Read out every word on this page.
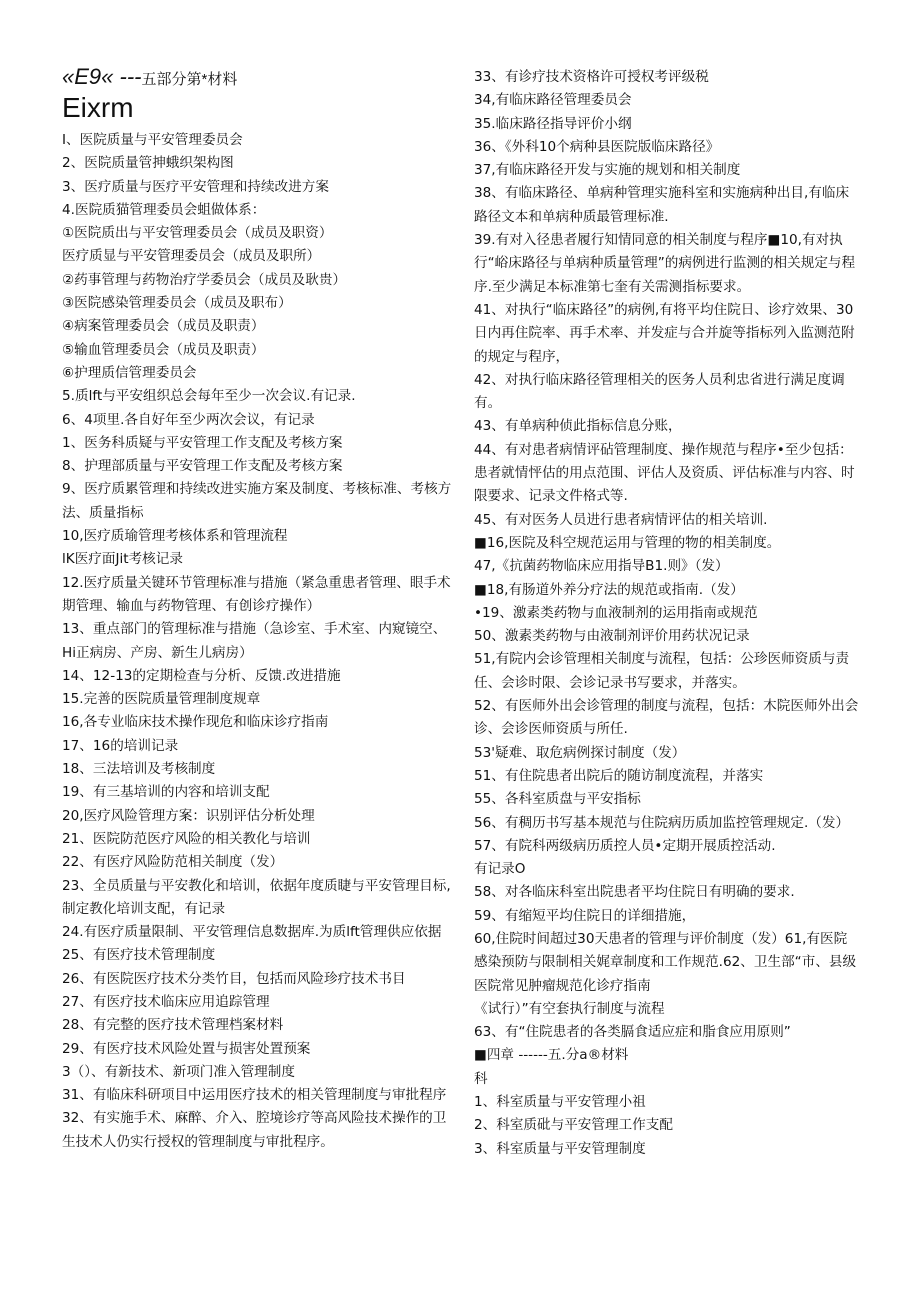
«E9« ---五部分第*材料

Eixrm

I、医院质量与平安管理委员会

2、医院质量管抻蛾织架构图

3、医疗质量与医疗平安管理和持续改进方案

4.医院质猫管理委员会蛆做体系：

①医院质出与平安管理委员会（成员及职资）

医疗质显与平安管理委员会（成员及职所）

②药事管理与药物治疗学委员会（成员及耿贵）

③医院感染管理委员会（成员及职布）

④病案管理委员会（成员及职责）

⑤输血管理委员会（成员及职责）

⑥护理质信管理委员会

5.质lft与平安组织总会每年至少一次会议.有记录.

6、4项里.各自好年至少两次会议，有记录

1、医务科质疑与平安管理工作支配及考核方案

8、护理部质量与平安管理工作支配及考核方案

9、医疗质累管理和持续改进实施方案及制度、考核标准、考核方法、质量指标

10,医疗质瑜管理考核体系和管理流程

lK医疗面Jit考核记录

12.医疗质量关键环节管理标准与措施（紧急重患者管理、眼手术期管理、输血与药物管理、有创诊疗操作）

13、重点部门的管理标准与措施（急诊室、手术室、内窥镜空、Hi正病房、产房、新生儿病房）

14、12-13的定期检查与分析、反馈.改进措施

15.完善的医院质量管理制度规章

16,各专业临床技术操作现危和临床诊疗指南

17、16的培训记录

18、三法培训及考核制度

19、有三基培训的内容和培训支配

20,医疗风险管理方案：识别评估分析处理

21、医院防范医疗风险的相关教化与培训

22、有医疗风险防范相关制度（发）

23、全员质量与平安教化和培训，依据年度质睫与平安管理目标,制定教化培训支配，有记录

24.有医疗质量限制、平安管理信息数据库.为质lft管理供应依据

25、有医疗技术管理制度

26、有医院医疗技术分类竹目，包括而风险珍疗技术书目

27、有医疗技术临床应用追踪管理

28、有完整的医疗技术管理档案材料

29、有医疗技术风险处置与损害处置预案

3（）、有新技术、新项门准入管理制度

31、有临床科研项目中运用医疗技术的相关管理制度与审批程序

32、有实施手术、麻醉、介入、腔境诊疗等高风险技术操作的卫生技术人仍实行授权的管理制度与审批程序。

33、有诊疗技术资格许可授权考评级税

34,有临床路径管理委员会

35.临床路径指导评价小纲

36、《外科10个病种县医院版临床路径》

37,有临床路径开发与实施的规划和相关制度

38、有临床路径、单病种管理实施科室和实施病种出目,有临床路径文本和单病种质最管理标准.

39.有对入径患者履行知情同意的相关制度与程序■10,有对执行“峪床路径与单病种质量管理”的病例进行监测的相关规定与程序.至少满足本标准第七奎有关需测指标要求。

41、对执行“临床路径”的病例,有将平均住院日、诊疗效果、30日内再住院率、再手术率、并发症与合并旋等指标列入监测范附的规定与程序，

42、对执行临床路径管理相关的医务人员利忠省进行满足度调有。

43、有单病种侦此指标信息分账，

44、有对患者病情评砧管理制度、操作规范与程序•至少包括：患者就情怦估的用点范围、评估人及资质、评估标准与内容、时限要求、记录文件格式等.

45、有对医务人员进行患者病情评估的相关培训.

■16,医院及科空规范运用与管理的物的相美制度。

47,《抗菌药物临床应用指导B1.则》（发）

■18,有肠道外养分疗法的规范或指南.（发）

•19、激素类药物与血液制剂的运用指南或规范

50、激素类药物与由液制剂评价用药状况记录

51,有院内会诊管理相关制度与流程，包括：公珍医师资质与责任、会诊时限、会诊记录书写要求，并落实。

52、有医师外出会诊管理的制度与流程，包括：木院医师外出会诊、会诊医师资质与所任.

53'疑难、取危病例探讨制度（发）

51、有住院患者出院后的随访制度流程，并落实

55、各科室质盘与平安指标

56、有稠历书写基本规范与住院病历质加监控管理规定.（发）

57、有院科两级病历质控人员•定期开展质控活动.

有记录O

58、对各临床科室出院患者平均住院日有明确的要求.

59、有缩短平均住院日的详细措施，

60,住院时间超过30天患者的管理与评价制度（发）61,有医院感染预防与限制相关娓章制度和工作规范.62、卫生部“市、县级医院常见肿瘤规范化诊疗指南

《试行）”有空套执行制度与流程

63、有“住院患者的各类膈食适应症和脂食应用原则”

■四章 ------五.分a®材料

科

1、科室质量与平安管理小祖

2、科室质砒与平安管理工作支配

3、科室质量与平安管理制度
